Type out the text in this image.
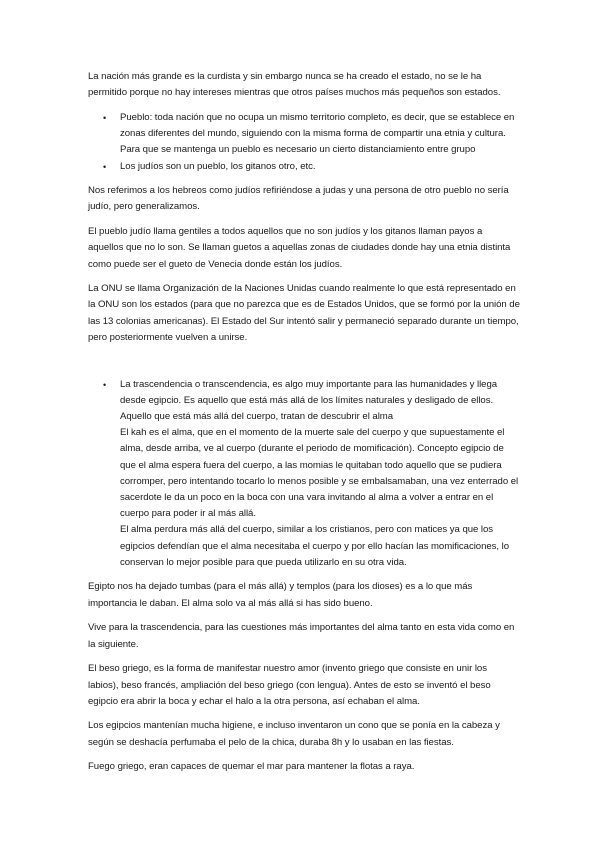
La nación más grande es la curdista y sin embargo nunca se ha creado el estado, no se le ha permitido porque no hay intereses mientras que otros países muchos más pequeños son estados.

• Pueblo: toda nación que no ocupa un mismo territorio completo, es decir, que se establece en zonas diferentes del mundo, siguiendo con la misma forma de compartir una etnia y cultura. Para que se mantenga un pueblo es necesario un cierto distanciamiento entre grupo
• Los judíos son un pueblo, los gitanos otro, etc.

Nos referimos a los hebreos como judíos refiriéndose a judas y una persona de otro pueblo no sería judío, pero generalizamos.

El pueblo judío llama gentiles a todos aquellos que no son judíos y los gitanos llaman payos a aquellos que no lo son. Se llaman guetos a aquellas zonas de ciudades donde hay una etnia distinta como puede ser el gueto de Venecia donde están los judíos.

La ONU se llama Organización de la Naciones Unidas cuando realmente lo que está representado en la ONU son los estados (para que no parezca que es de Estados Unidos, que se formó por la unión de las 13 colonias americanas). El Estado del Sur intentó salir y permaneció separado durante un tiempo, pero posteriormente vuelven a unirse.

• La trascendencia o transcendencia, es algo muy importante para las humanidades y llega desde egipcio. Es aquello que está más allá de los límites naturales y desligado de ellos. Aquello que está más allá del cuerpo, tratan de descubrir el alma
El kah es el alma, que en el momento de la muerte sale del cuerpo y que supuestamente el alma, desde arriba, ve al cuerpo (durante el periodo de momificación). Concepto egipcio de que el alma espera fuera del cuerpo, a las momias le quitaban todo aquello que se pudiera corromper, pero intentando tocarlo lo menos posible y se embalsamaban, una vez enterrado el sacerdote le da un poco en la boca con una vara invitando al alma a volver a entrar en el cuerpo para poder ir al más allá.
El alma perdura más allá del cuerpo, similar a los cristianos, pero con matices ya que los egipcios defendían que el alma necesitaba el cuerpo y por ello hacían las momificaciones, lo conservan lo mejor posible para que pueda utilizarlo en su otra vida.

Egipto nos ha dejado tumbas (para el más allá) y templos (para los dioses) es a lo que más importancia le daban. El alma solo va al más allá si has sido bueno.

Vive para la trascendencia, para las cuestiones más importantes del alma tanto en esta vida como en la siguiente.

El beso griego, es la forma de manifestar nuestro amor (invento griego que consiste en unir los labios), beso francés, ampliación del beso griego (con lengua). Antes de esto se inventó el beso egipcio era abrir la boca y echar el halo a la otra persona, así echaban el alma.

Los egipcios mantenían mucha higiene, e incluso inventaron un cono que se ponía en la cabeza y según se deshacía perfumaba el pelo de la chica, duraba 8h y lo usaban en las fiestas.

Fuego griego, eran capaces de quemar el mar para mantener la flotas a raya.
